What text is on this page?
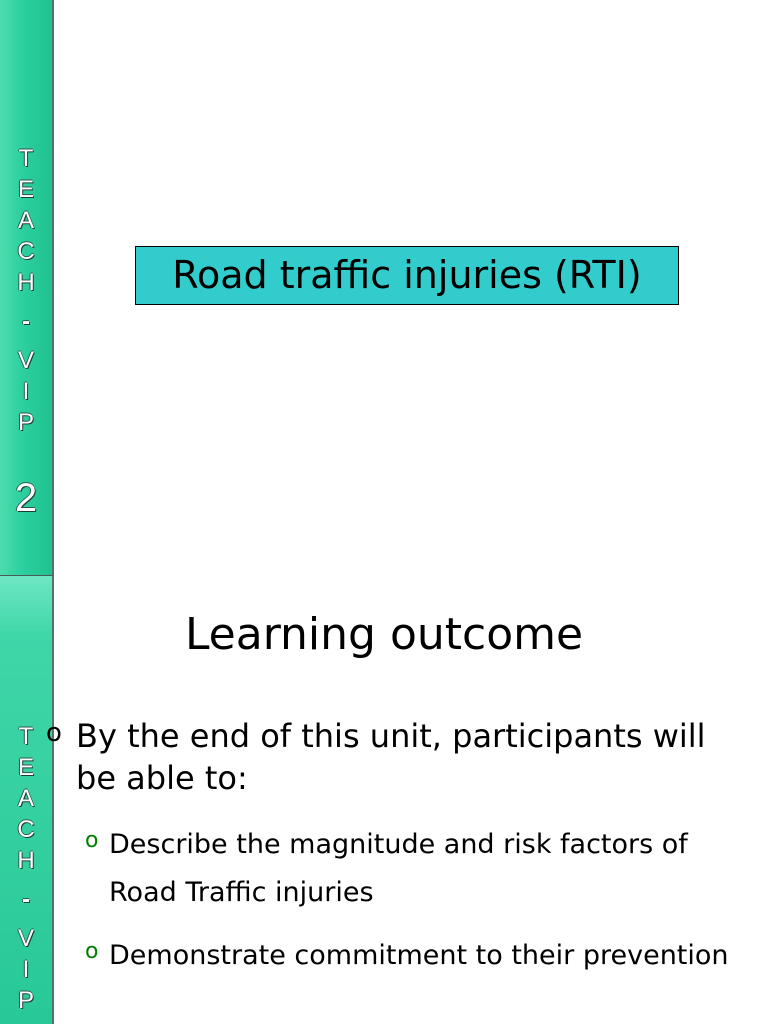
T
E
A
C
H
-
V
I
P
2
Road traffic injuries (RTI)
T
E
A
C
H
-
V
I
P
Learning outcome
o By the end of this unit, participants will be able to:
o Describe the magnitude and risk factors of Road Traffic injuries
o Demonstrate commitment to their prevention
